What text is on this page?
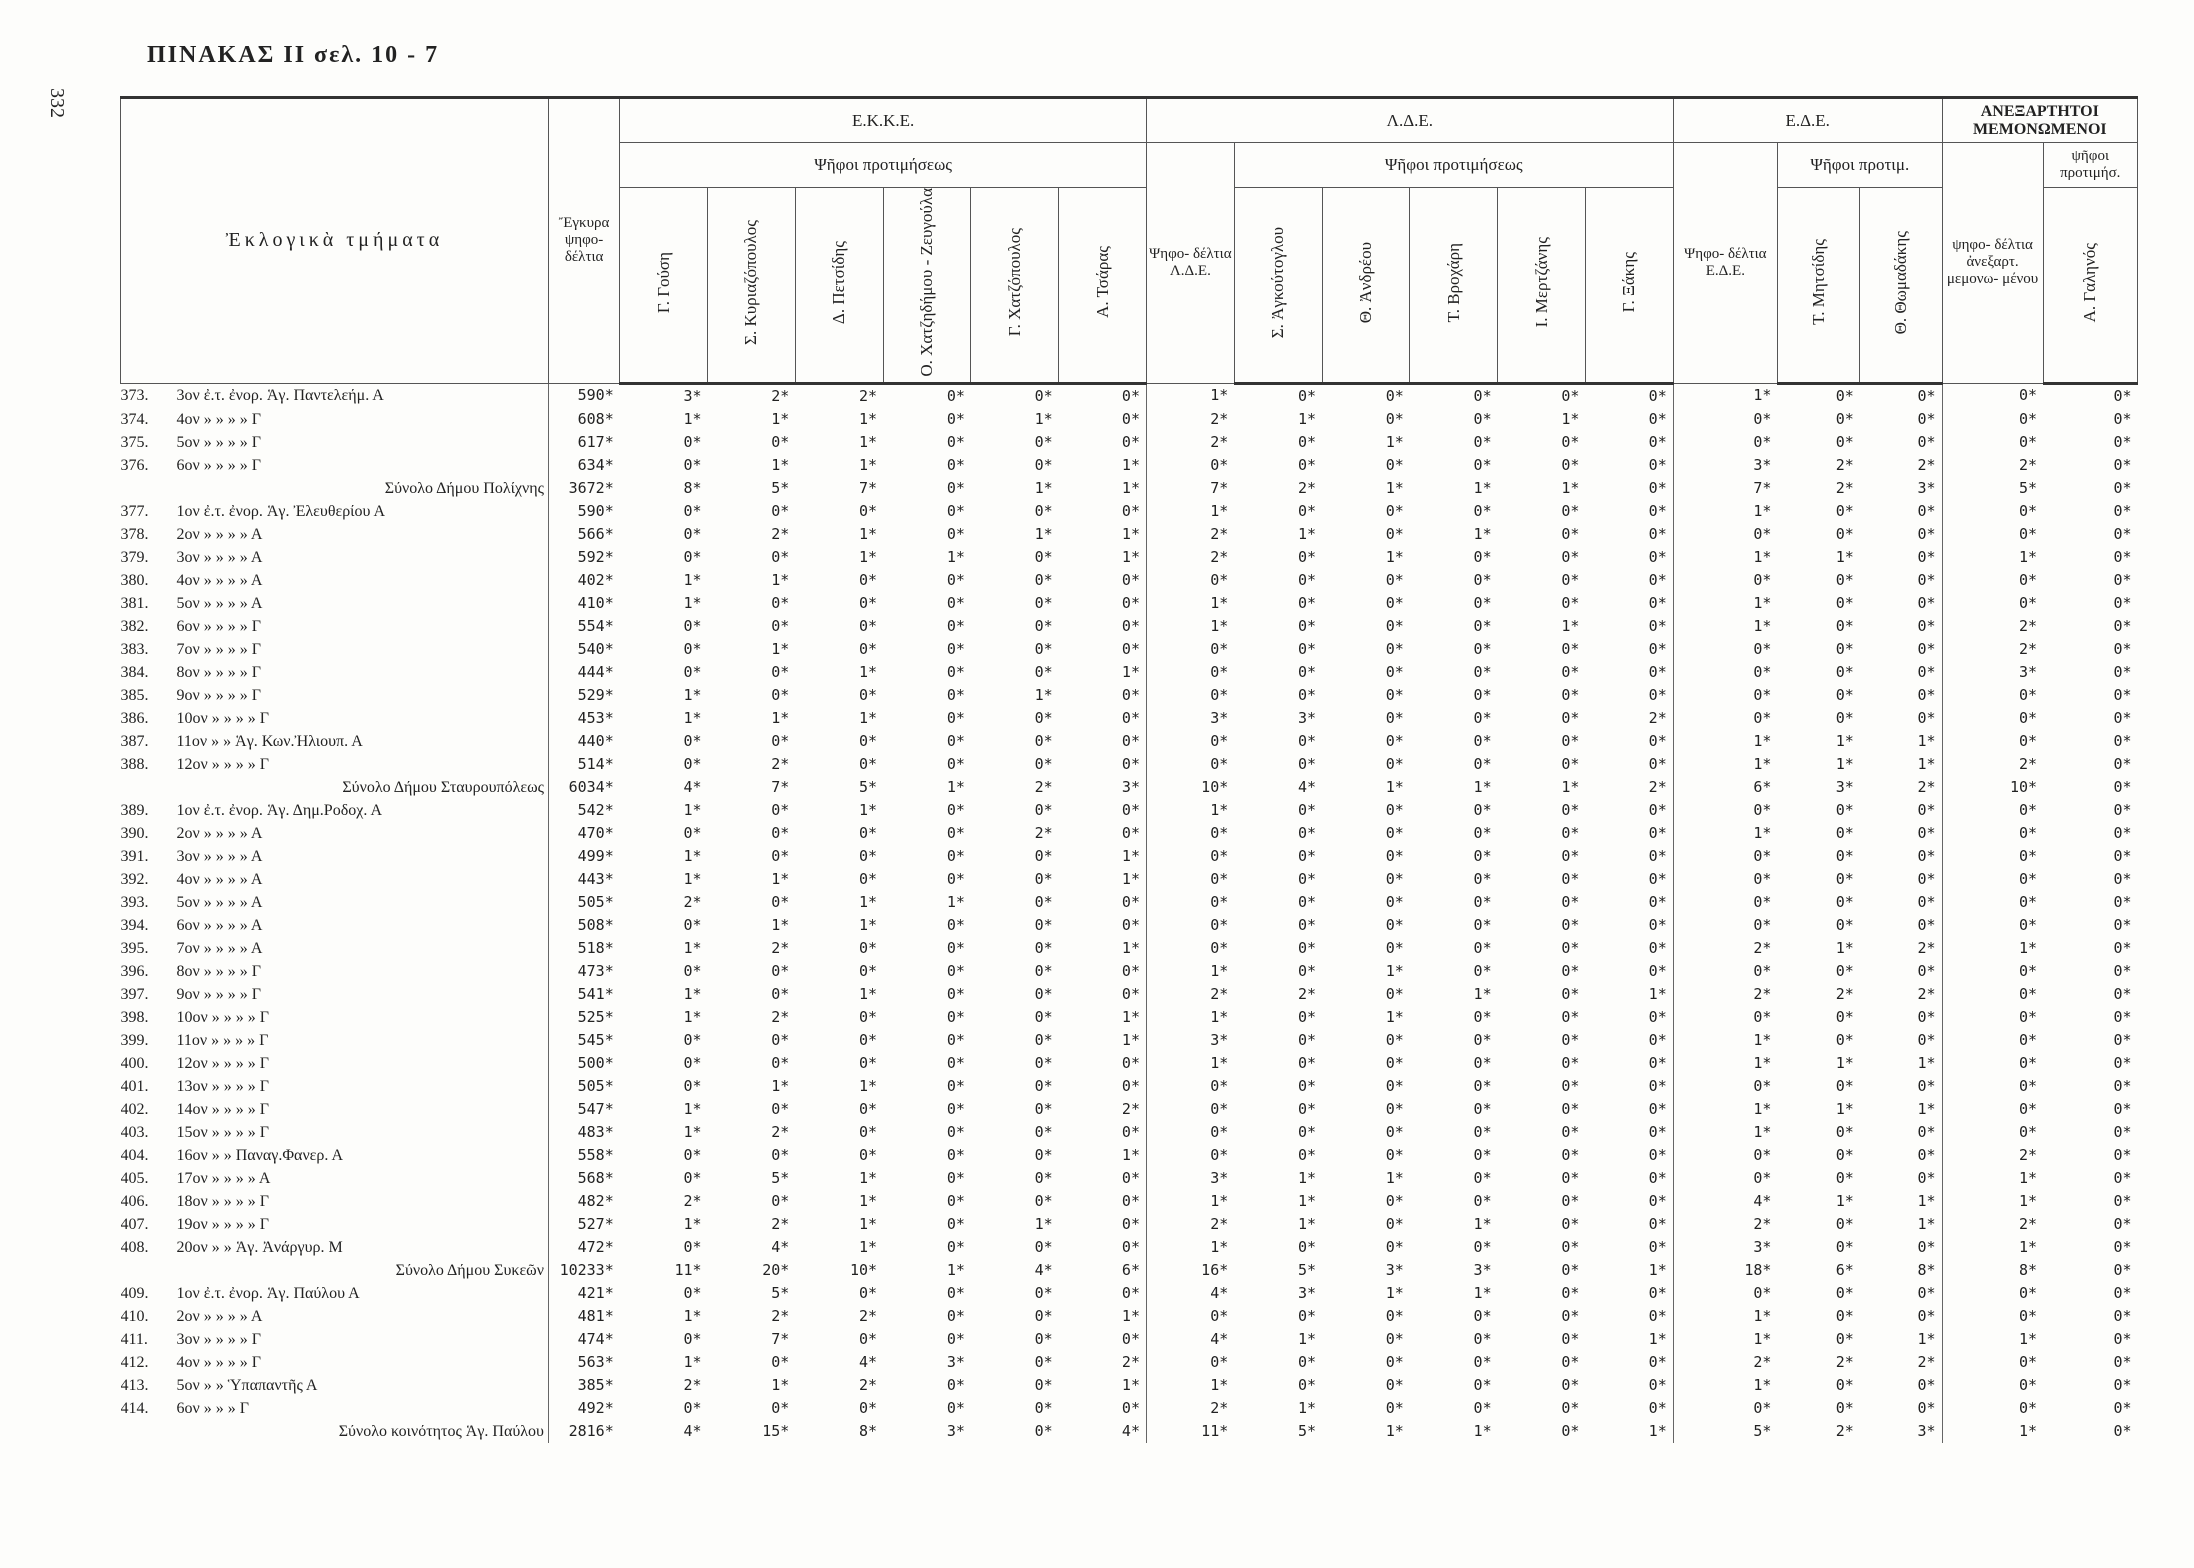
332
ΠΙΝΑΚΑΣ ΙΙ σελ. 10 - 7
Ἐκλογικὰ τμήματα	Ἔγκυρα ψηφο- δέλτια	Ε.Κ.Κ.Ε.						Λ.Δ.Ε.						Ε.Δ.Ε.			ΑΝΕΞΑΡΤΗΤΟΙ ΜΕΜΟΝΩΜΕΝΟΙ	
		Ψῆφοι προτιμήσεως						Ψηφο- δέλτια Λ.Δ.Ε.	Ψῆφοι προτιμήσεως					Ψηφο- δέλτια Ε.Δ.Ε.	Ψῆφοι προτιμ.		ψηφο- δέλτια ἀνεξαρτ. μεμονω- μένου	ψῆφοι προτιμήσ.
		Γ. Γούση	Σ. Κυριαζόπουλος	Δ. Πετσίδης	Ο. Χατζηδήμου - Ζευγούλα	Γ. Χατζόπουλος	Α. Τσάρας		Σ. Ἀγκούτογλου	Θ. Ἀνδρέου	Τ. Βροχάρη	Ι. Μερτζάνης	Γ. Ξάκης		Τ. Μητσίδης	Θ. Θωμαδάκης		Α. Γαληνός
373. 3ον ἐ.τ. ἐνορ. Ἁγ. Παντελεήμ. Α	590*	3*	2*	2*	0*	0*	0*	1*	0*	0*	0*	0*	0*	1*	0*	0*	0*	0*
374. 4ον » » » » Γ	608*	1*	1*	1*	0*	1*	0*	2*	1*	0*	0*	1*	0*	0*	0*	0*	0*	0*
375. 5ον » » » » Γ	617*	0*	0*	1*	0*	0*	0*	2*	0*	1*	0*	0*	0*	0*	0*	0*	0*	0*
376. 6ον » » » » Γ	634*	0*	1*	1*	0*	0*	1*	0*	0*	0*	0*	0*	0*	3*	2*	2*	2*	0*
Σύνολο Δήμου Πολίχνης	3672*	8*	5*	7*	0*	1*	1*	7*	2*	1*	1*	1*	0*	7*	2*	3*	5*	0*
377. 1ον ἐ.τ. ἐνορ. Ἁγ. Ἐλευθερίου Α	590*	0*	0*	0*	0*	0*	0*	1*	0*	0*	0*	0*	0*	1*	0*	0*	0*	0*
378. 2ον » » » » Α	566*	0*	2*	1*	0*	1*	1*	2*	1*	0*	1*	0*	0*	0*	0*	0*	0*	0*
379. 3ον » » » » Α	592*	0*	0*	1*	1*	0*	1*	2*	0*	1*	0*	0*	0*	1*	1*	0*	1*	0*
380. 4ον » » » » Α	402*	1*	1*	0*	0*	0*	0*	0*	0*	0*	0*	0*	0*	0*	0*	0*	0*	0*
381. 5ον » » » » Α	410*	1*	0*	0*	0*	0*	0*	1*	0*	0*	0*	0*	0*	1*	0*	0*	0*	0*
382. 6ον » » » » Γ	554*	0*	0*	0*	0*	0*	0*	1*	0*	0*	0*	1*	0*	1*	0*	0*	2*	0*
383. 7ον » » » » Γ	540*	0*	1*	0*	0*	0*	0*	0*	0*	0*	0*	0*	0*	0*	0*	0*	2*	0*
384. 8ον » » » » Γ	444*	0*	0*	1*	0*	0*	1*	0*	0*	0*	0*	0*	0*	0*	0*	0*	3*	0*
385. 9ον » » » » Γ	529*	1*	0*	0*	0*	1*	0*	0*	0*	0*	0*	0*	0*	0*	0*	0*	0*	0*
386. 10ον » » » » Γ	453*	1*	1*	1*	0*	0*	0*	3*	3*	0*	0*	0*	2*	0*	0*	0*	0*	0*
387. 11ον » » Ἁγ. Κων.Ἠλιουπ. Α	440*	0*	0*	0*	0*	0*	0*	0*	0*	0*	0*	0*	0*	1*	1*	1*	0*	0*
388. 12ον » » » » Γ	514*	0*	2*	0*	0*	0*	0*	0*	0*	0*	0*	0*	0*	1*	1*	1*	2*	0*
Σύνολο Δήμου Σταυρουπόλεως	6034*	4*	7*	5*	1*	2*	3*	10*	4*	1*	1*	1*	2*	6*	3*	2*	10*	0*
389. 1ον ἐ.τ. ἐνορ. Ἁγ. Δημ.Ροδοχ. Α	542*	1*	0*	1*	0*	0*	0*	1*	0*	0*	0*	0*	0*	0*	0*	0*	0*	0*
390. 2ον » » » » Α	470*	0*	0*	0*	0*	2*	0*	0*	0*	0*	0*	0*	0*	1*	0*	0*	0*	0*
391. 3ον » » » » Α	499*	1*	0*	0*	0*	0*	1*	0*	0*	0*	0*	0*	0*	0*	0*	0*	0*	0*
392. 4ον » » » » Α	443*	1*	1*	0*	0*	0*	1*	0*	0*	0*	0*	0*	0*	0*	0*	0*	0*	0*
393. 5ον » » » » Α	505*	2*	0*	1*	1*	0*	0*	0*	0*	0*	0*	0*	0*	0*	0*	0*	0*	0*
394. 6ον » » » » Α	508*	0*	1*	1*	0*	0*	0*	0*	0*	0*	0*	0*	0*	0*	0*	0*	0*	0*
395. 7ον » » » » Α	518*	1*	2*	0*	0*	0*	1*	0*	0*	0*	0*	0*	0*	2*	1*	2*	1*	0*
396. 8ον » » » » Γ	473*	0*	0*	0*	0*	0*	0*	1*	0*	1*	0*	0*	0*	0*	0*	0*	0*	0*
397. 9ον » » » » Γ	541*	1*	0*	1*	0*	0*	0*	2*	2*	0*	1*	0*	1*	2*	2*	2*	0*	0*
398. 10ον » » » » Γ	525*	1*	2*	0*	0*	0*	1*	1*	0*	1*	0*	0*	0*	0*	0*	0*	0*	0*
399. 11ον » » » » Γ	545*	0*	0*	0*	0*	0*	1*	3*	0*	0*	0*	0*	0*	1*	0*	0*	0*	0*
400. 12ον » » » » Γ	500*	0*	0*	0*	0*	0*	0*	1*	0*	0*	0*	0*	0*	1*	1*	1*	0*	0*
401. 13ον » » » » Γ	505*	0*	1*	1*	0*	0*	0*	0*	0*	0*	0*	0*	0*	0*	0*	0*	0*	0*
402. 14ον » » » » Γ	547*	1*	0*	0*	0*	0*	2*	0*	0*	0*	0*	0*	0*	1*	1*	1*	0*	0*
403. 15ον » » » » Γ	483*	1*	2*	0*	0*	0*	0*	0*	0*	0*	0*	0*	0*	1*	0*	0*	0*	0*
404. 16ον » » Παναγ.Φανερ. Α	558*	0*	0*	0*	0*	0*	1*	0*	0*	0*	0*	0*	0*	0*	0*	0*	2*	0*
405. 17ον » » » » Α	568*	0*	5*	1*	0*	0*	0*	3*	1*	1*	0*	0*	0*	0*	0*	0*	1*	0*
406. 18ον » » » » Γ	482*	2*	0*	1*	0*	0*	0*	1*	1*	0*	0*	0*	0*	4*	1*	1*	1*	0*
407. 19ον » » » » Γ	527*	1*	2*	1*	0*	1*	0*	2*	1*	0*	1*	0*	0*	2*	0*	1*	2*	0*
408. 20ον » » Ἁγ. Ἀνάργυρ. Μ	472*	0*	4*	1*	0*	0*	0*	1*	0*	0*	0*	0*	0*	3*	0*	0*	1*	0*
Σύνολο Δήμου Συκεῶν	10233*	11*	20*	10*	1*	4*	6*	16*	5*	3*	3*	0*	1*	18*	6*	8*	8*	0*
409. 1ον ἐ.τ. ἐνορ. Ἁγ. Παύλου Α	421*	0*	5*	0*	0*	0*	0*	4*	3*	1*	1*	0*	0*	0*	0*	0*	0*	0*
410. 2ον » » » » Α	481*	1*	2*	2*	0*	0*	1*	0*	0*	0*	0*	0*	0*	1*	0*	0*	0*	0*
411. 3ον » » » » Γ	474*	0*	7*	0*	0*	0*	0*	4*	1*	0*	0*	0*	1*	1*	0*	1*	1*	0*
412. 4ον » » » » Γ	563*	1*	0*	4*	3*	0*	2*	0*	0*	0*	0*	0*	0*	2*	2*	2*	0*	0*
413. 5ον » » Ὑπαπαντῆς Α	385*	2*	1*	2*	0*	0*	1*	1*	0*	0*	0*	0*	0*	1*	0*	0*	0*	0*
414. 6ον » » » Γ	492*	0*	0*	0*	0*	0*	0*	2*	1*	0*	0*	0*	0*	0*	0*	0*	0*	0*
Σύνολο κοινότητος Ἁγ. Παύλου	2816*	4*	15*	8*	3*	0*	4*	11*	5*	1*	1*	0*	1*	5*	2*	3*	1*	0*
